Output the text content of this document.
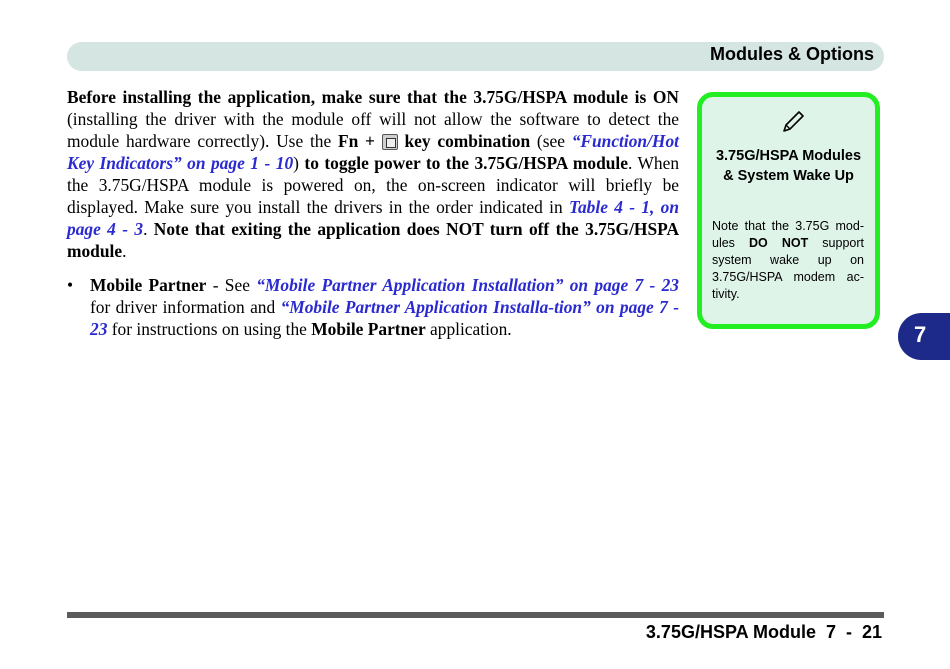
Modules & Options

Before installing the application, make sure that the 3.75G/HSPA module is ON (installing the driver with the module off will not allow the software to detect the module hardware correctly). Use the Fn +  key combination (see “Function/Hot Key Indicators” on page 1 - 10) to toggle power to the 3.75G/HSPA module. When the 3.75G/HSPA module is powered on, the on-screen indicator will briefly be displayed. Make sure you install the drivers in the order indicated in Table 4 - 1, on page 4 - 3. Note that exiting the application does NOT turn off the 3.75G/HSPA module.

• Mobile Partner - See “Mobile Partner Application Installation” on page 7 - 23 for driver information and “Mobile Partner Application Installa-tion” on page 7 - 23 for instructions on using the Mobile Partner application.
3.75G/HSPA Modules & System Wake Up
Note that the 3.75G mod-ules DO NOT support system wake up on 3.75G/HSPA modem ac-tivity.
7
3.75G/HSPA Module  7  -  21
